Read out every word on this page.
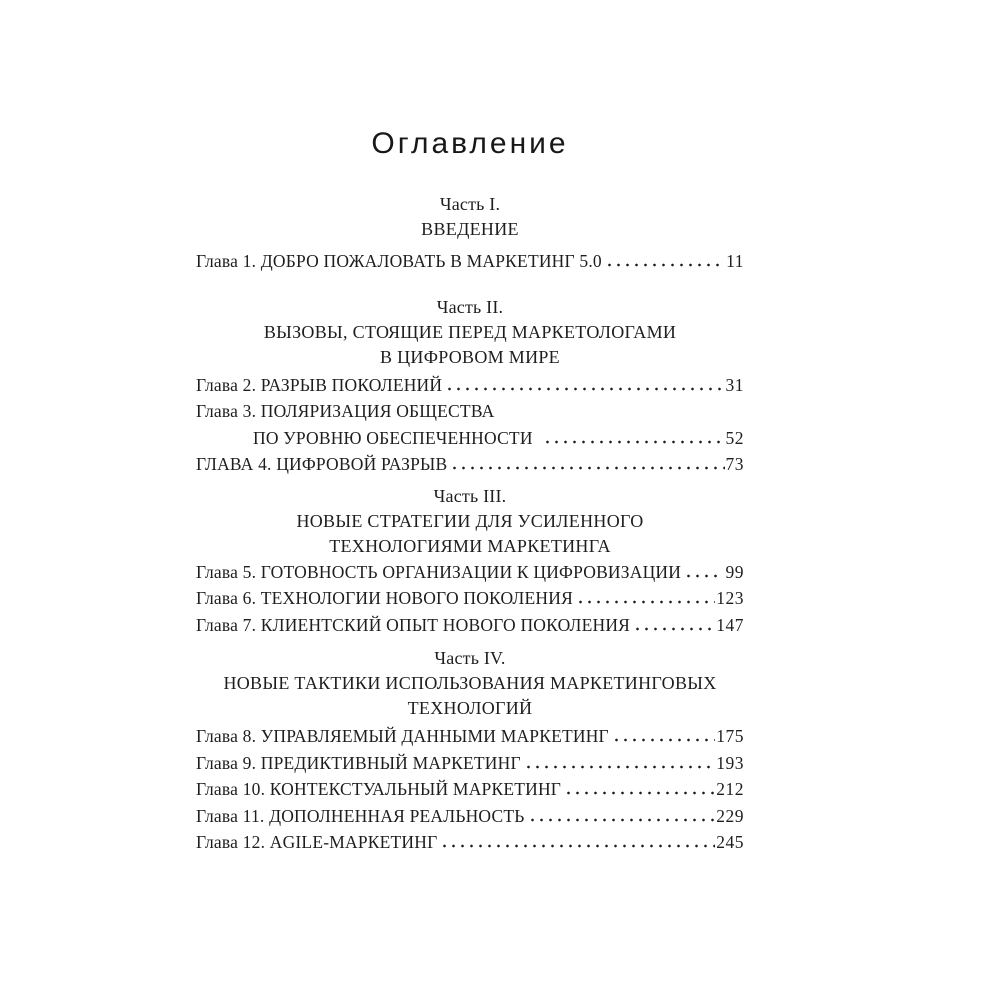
Оглавление
Часть I.
ВВЕДЕНИЕ
Глава 1. ДОБРО ПОЖАЛОВАТЬ В МАРКЕТИНГ 5.0	11
Часть II.
ВЫЗОВЫ, СТОЯЩИЕ ПЕРЕД МАРКЕТОЛОГАМИ
В ЦИФРОВОМ МИРЕ
Глава 2. РАЗРЫВ ПОКОЛЕНИЙ	31
Глава 3. ПОЛЯРИЗАЦИЯ ОБЩЕСТВА
ПО УРОВНЮ ОБЕСПЕЧЕННОСТИ	52
ГЛАВА 4. ЦИФРОВОЙ РАЗРЫВ	73
Часть III.
НОВЫЕ СТРАТЕГИИ ДЛЯ УСИЛЕННОГО
ТЕХНОЛОГИЯМИ МАРКЕТИНГА
Глава 5. ГОТОВНОСТЬ ОРГАНИЗАЦИИ К ЦИФРОВИЗАЦИИ	99
Глава 6. ТЕХНОЛОГИИ НОВОГО ПОКОЛЕНИЯ	123
Глава 7. КЛИЕНТСКИЙ ОПЫТ НОВОГО ПОКОЛЕНИЯ	147
Часть IV.
НОВЫЕ ТАКТИКИ ИСПОЛЬЗОВАНИЯ МАРКЕТИНГОВЫХ
ТЕХНОЛОГИЙ
Глава 8. УПРАВЛЯЕМЫЙ ДАННЫМИ МАРКЕТИНГ	175
Глава 9. ПРЕДИКТИВНЫЙ МАРКЕТИНГ	193
Глава 10. КОНТЕКСТУАЛЬНЫЙ МАРКЕТИНГ	212
Глава 11. ДОПОЛНЕННАЯ РЕАЛЬНОСТЬ	229
Глава 12. AGILE-МАРКЕТИНГ	245
